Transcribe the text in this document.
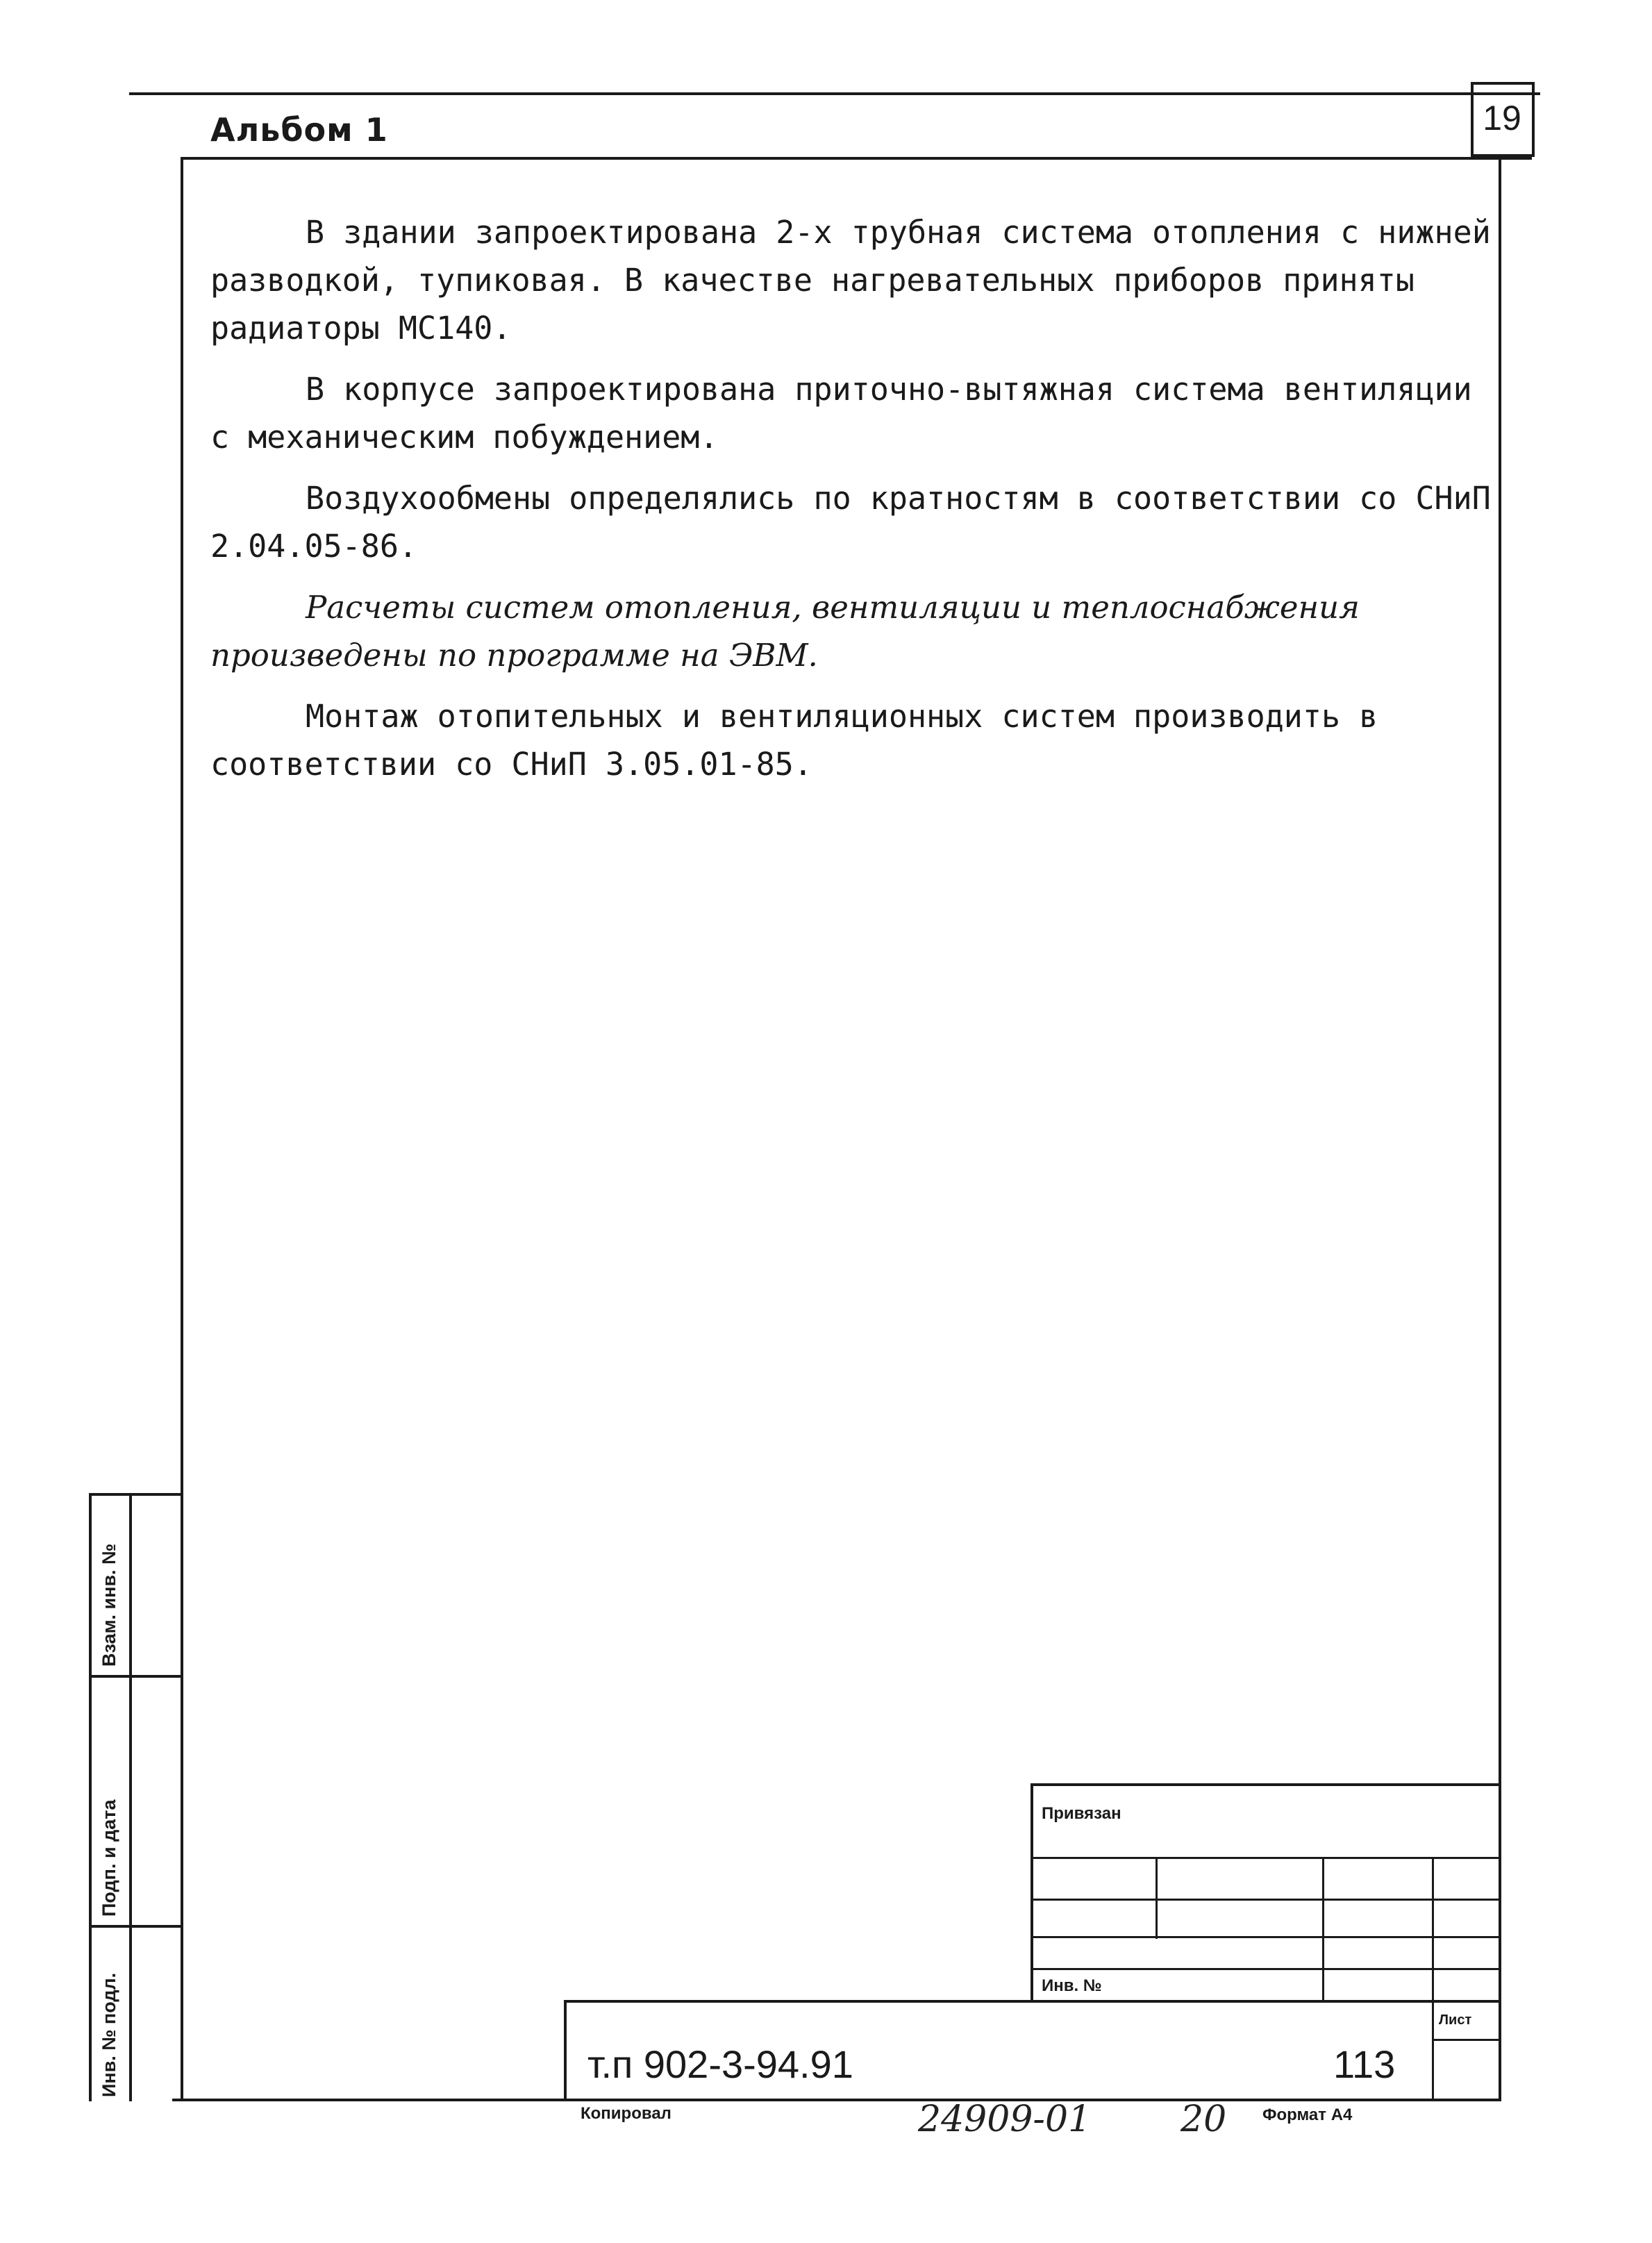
19
Альбом 1

В здании запроектирована 2-х трубная система отопления с нижней разводкой, тупиковая. В качестве нагревательных приборов приняты радиаторы МС140.

В корпусе запроектирована приточно-вытяжная система вентиляции с механическим побуждением.

Воздухообмены определялись по кратностям в соответствии со СНиП 2.04.05-86.

Расчеты систем отопления, вентиляции и теплоснабжения произведены по программе на ЭВМ.

Монтаж отопительных и вентиляционных систем производить в соответствии со СНиП 3.05.01-85.

Взам. инв. №
Подп. и дата
Инв. № подл.
Привязан
Инв. №
Лист
т.п 902-3-94.91	113
Копировал	24909-01 20 Формат А4
